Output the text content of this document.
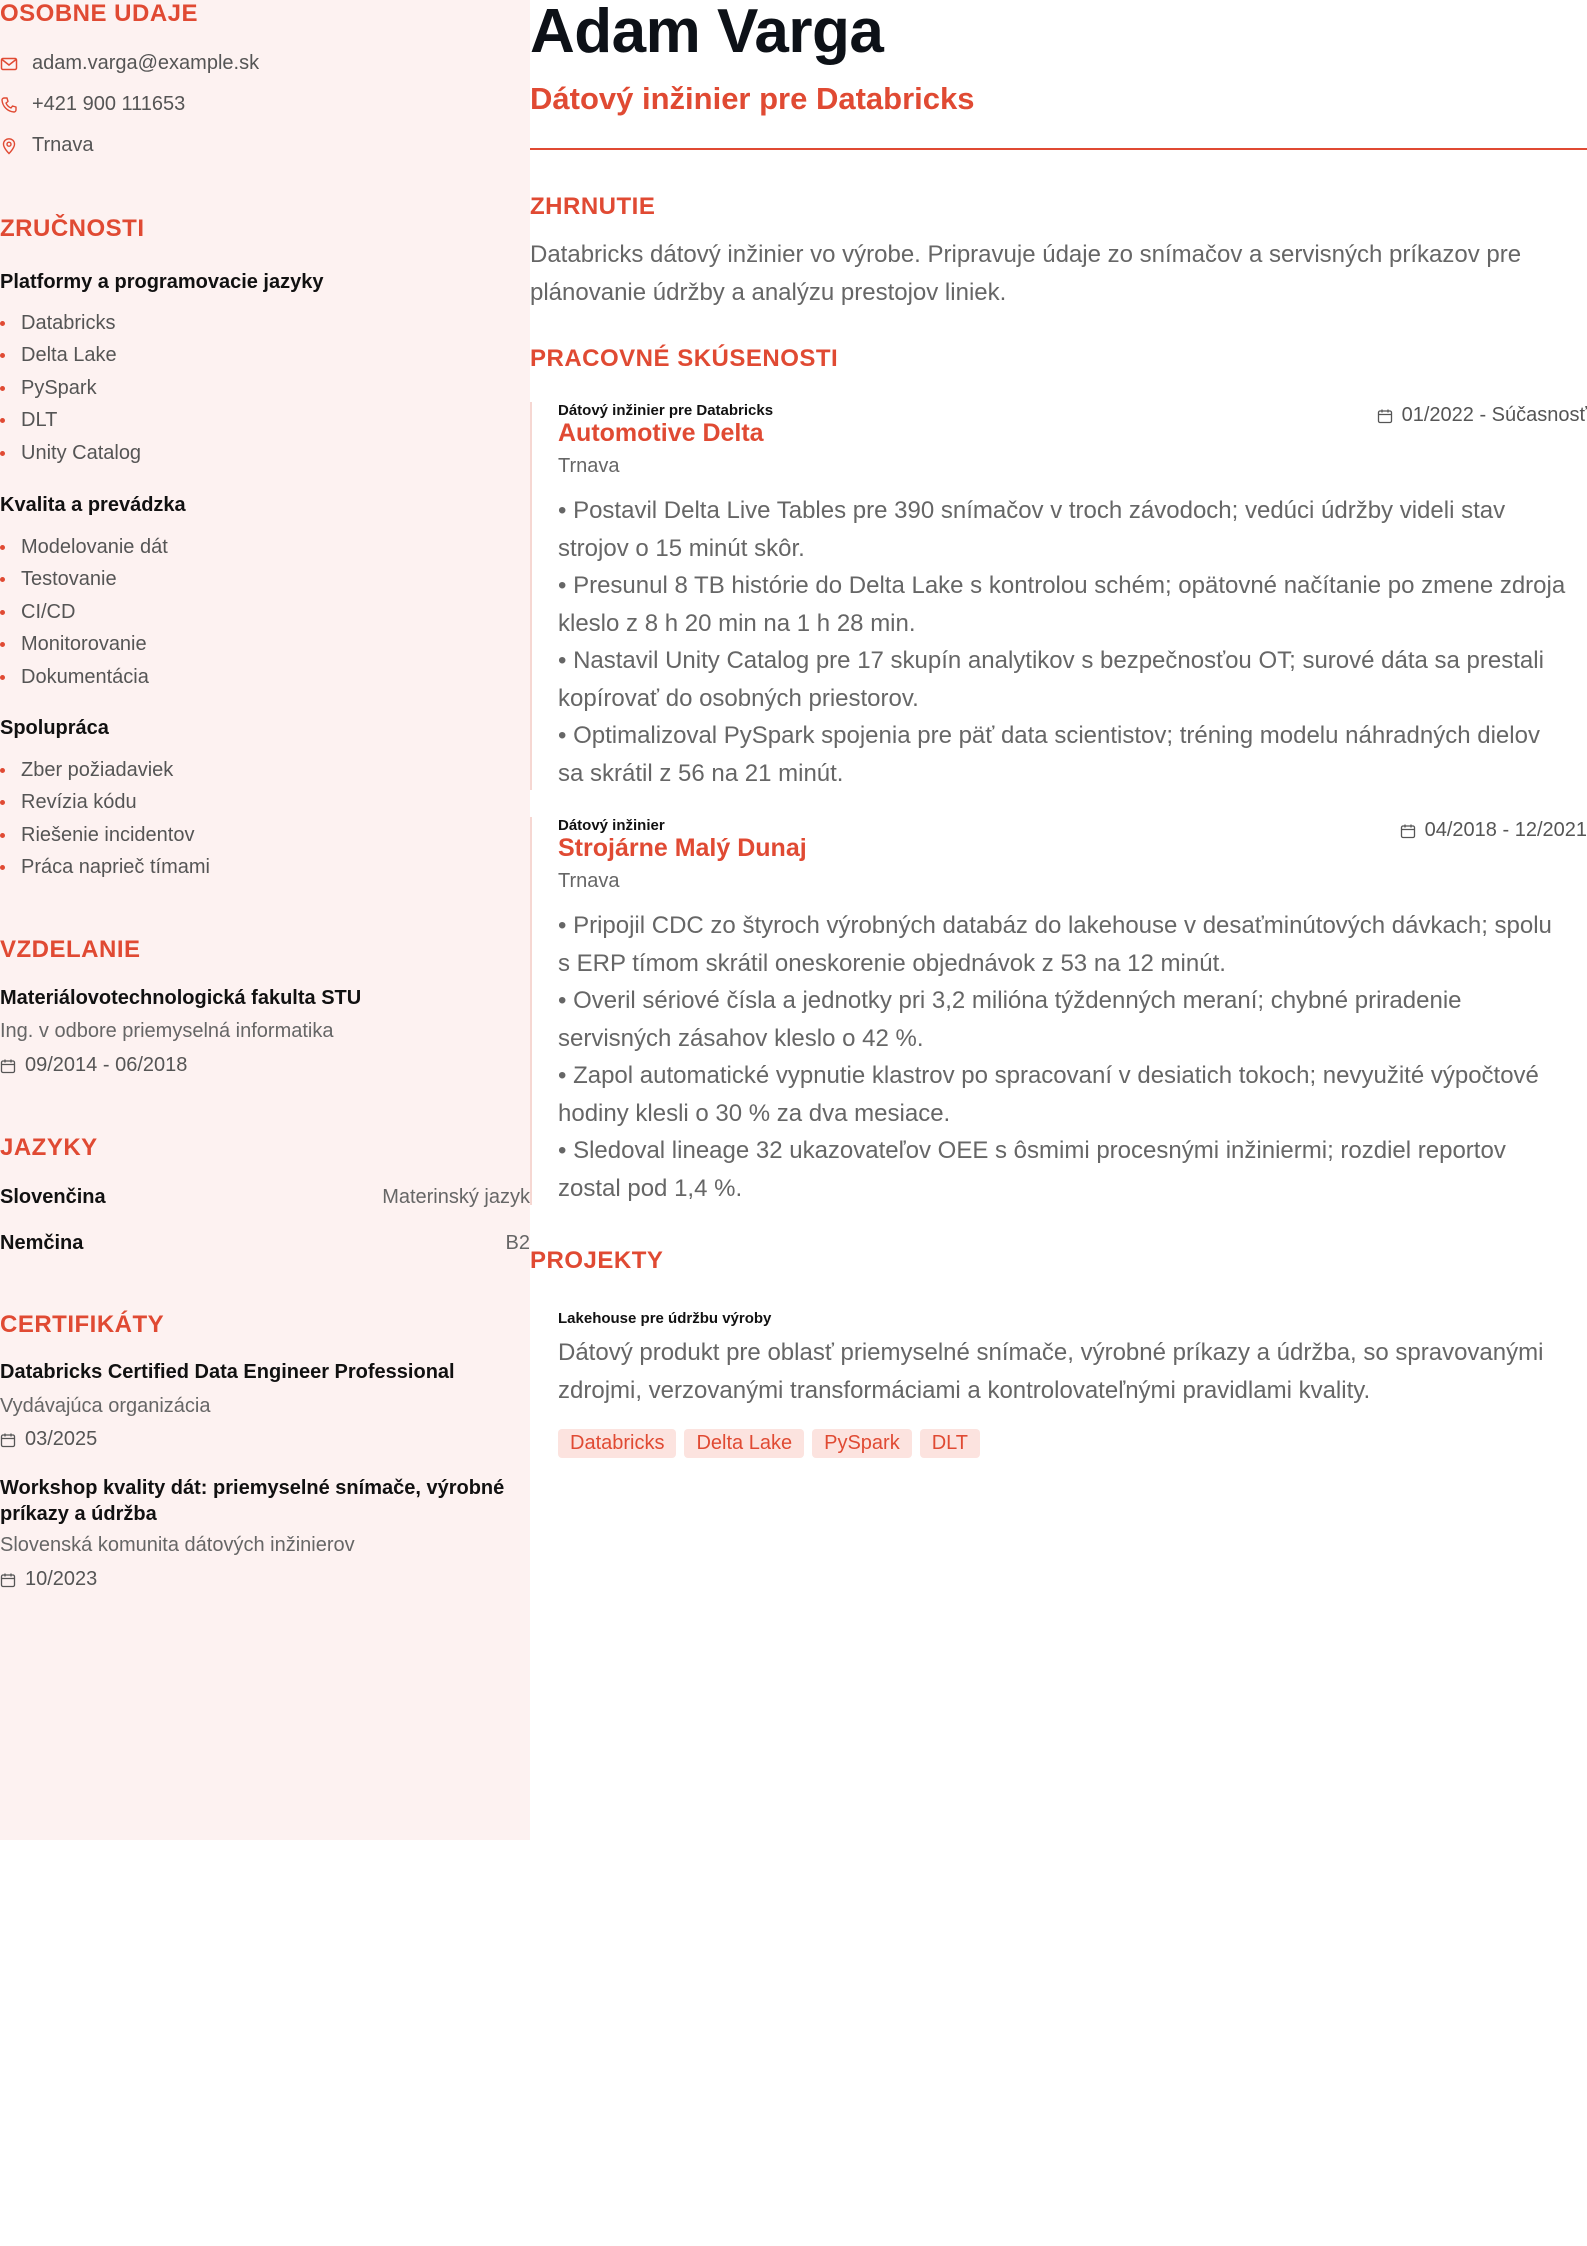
OSOBNE UDAJE
adam.varga@example.sk
+421 900 111653
Trnava
ZRUČNOSTI
Platformy a programovacie jazyky
Databricks
Delta Lake
PySpark
DLT
Unity Catalog
Kvalita a prevádzka
Modelovanie dát
Testovanie
CI/CD
Monitorovanie
Dokumentácia
Spolupráca
Zber požiadaviek
Revízia kódu
Riešenie incidentov
Práca naprieč tímami
VZDELANIE
Materiálovotechnologická fakulta STU
Ing. v odbore priemyselná informatika
09/2014 - 06/2018
JAZYKY
Slovenčina	Materinský jazyk
Nemčina	B2
CERTIFIKÁTY
Databricks Certified Data Engineer Professional
Vydávajúca organizácia
03/2025
Workshop kvality dát: priemyselné snímače, výrobné príkazy a údržba
Slovenská komunita dátových inžinierov
10/2023
Adam Varga
Dátový inžinier pre Databricks
ZHRNUTIE
Databricks dátový inžinier vo výrobe. Pripravuje údaje zo snímačov a servisných príkazov pre plánovanie údržby a analýzu prestojov liniek.
PRACOVNÉ SKÚSENOSTI
Dátový inžinier pre Databricks
Automotive Delta
Trnava
01/2022 - Súčasnosť
• Postavil Delta Live Tables pre 390 snímačov v troch závodoch; vedúci údržby videli stav strojov o 15 minút skôr.
• Presunul 8 TB histórie do Delta Lake s kontrolou schém; opätovné načítanie po zmene zdroja kleslo z 8 h 20 min na 1 h 28 min.
• Nastavil Unity Catalog pre 17 skupín analytikov s bezpečnosťou OT; surové dáta sa prestali kopírovať do osobných priestorov.
• Optimalizoval PySpark spojenia pre päť data scientistov; tréning modelu náhradných dielov sa skrátil z 56 na 21 minút.
Dátový inžinier
Strojárne Malý Dunaj
Trnava
04/2018 - 12/2021
• Pripojil CDC zo štyroch výrobných databáz do lakehouse v desaťminútových dávkach; spolu s ERP tímom skrátil oneskorenie objednávok z 53 na 12 minút.
• Overil sériové čísla a jednotky pri 3,2 milióna týždenných meraní; chybné priradenie servisných zásahov kleslo o 42 %.
• Zapol automatické vypnutie klastrov po spracovaní v desiatich tokoch; nevyužité výpočtové hodiny klesli o 30 % za dva mesiace.
• Sledoval lineage 32 ukazovateľov OEE s ôsmimi procesnými inžiniermi; rozdiel reportov zostal pod 1,4 %.
PROJEKTY
Lakehouse pre údržbu výroby
Dátový produkt pre oblasť priemyselné snímače, výrobné príkazy a údržba, so spravovanými zdrojmi, verzovanými transformáciami a kontrolovateľnými pravidlami kvality.
Databricks	Delta Lake	PySpark	DLT
